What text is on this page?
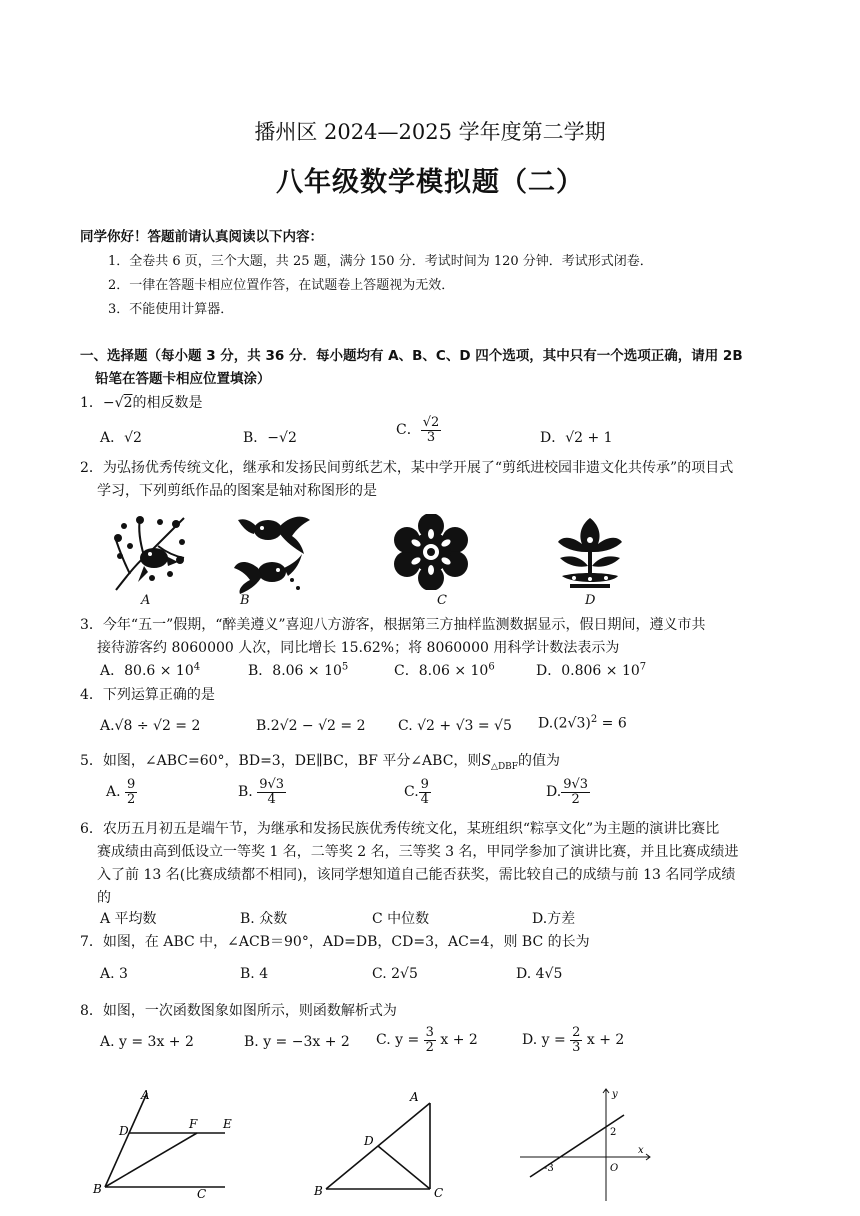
播州区 2024—2025 学年度第二学期
八年级数学模拟题（二）
同学你好！答题前请认真阅读以下内容：
1．全卷共 6 页，三个大题，共 25 题，满分 150 分．考试时间为 120 分钟．考试形式闭卷．
2．一律在答题卡相应位置作答，在试题卷上答题视为无效．
3．不能使用计算器．
一、选择题（每小题 3 分，共 36 分．每小题均有 A、B、C、D 四个选项，其中只有一个选项正确，请用 2B
铅笔在答题卡相应位置填涂）
1．−√2的相反数是
A．√2	B．−√2	C． $\frac{√2}{3}$	D．√2 + 1
2．为弘扬优秀传统文化，继承和发扬民间剪纸艺术，某中学开展了“剪纸进校园非遗文化共传承”的项目式
学习，下列剪纸作品的图案是轴对称图形的是
A	B	C	D
3．今年“五一”假期，“醉美遵义”喜迎八方游客，根据第三方抽样监测数据显示，假日期间，遵义市共
接待游客约 8060000 人次，同比增长 15.62%；将 8060000 用科学计数法表示为
A．$80.6 \times 10^4$	B．$8.06 \times 10^5$	C．$8.06 \times 10^6$	D．$0.806 \times 10^7$
4．下列运算正确的是
A.√8 ÷ √2 = 2	B.2√2 − √2 = 2 C. √2 + √3 = √5 $D.(2√3)^2 = 6$
5．如图，∠ABC=60°，BD=3，DE∥BC，BF 平分∠ABC，则$S_{\triangle DBF}$的值为
A. $\frac{9}{2}$	B. $\frac{9√3}{4}$	C. $\frac{9}{4}$	D. $\frac{9√3}{2}$
6．农历五月初五是端午节，为继承和发扬民族优秀传统文化，某班组织“粽享文化”为主题的演讲比赛比
赛成绩由高到低设立一等奖 1 名，二等奖 2 名，三等奖 3 名，甲同学参加了演讲比赛，并且比赛成绩进
入了前 13 名(比赛成绩都不相同)，该同学想知道自己能否获奖，需比较自己的成绩与前 13 名同学成绩
的
A 平均数	B. 众数	C 中位数	D.方差
7．如图，在 ABC 中，∠ACB＝90°，AD=DB，CD=3，AC=4，则 BC 的长为
A. 3	B. 4	C. 2√5	D. 4√5
8．如图，一次函数图象如图所示，则函数解析式为
A. y = 3x + 2	B. y = −3x + 2 C. $y = \frac{3}{2}$ x + 2	D. $y = \frac{2}{3}$ x + 2
A
B	C
D	E
F
A
B	C
D
y
x
O
2
-3
